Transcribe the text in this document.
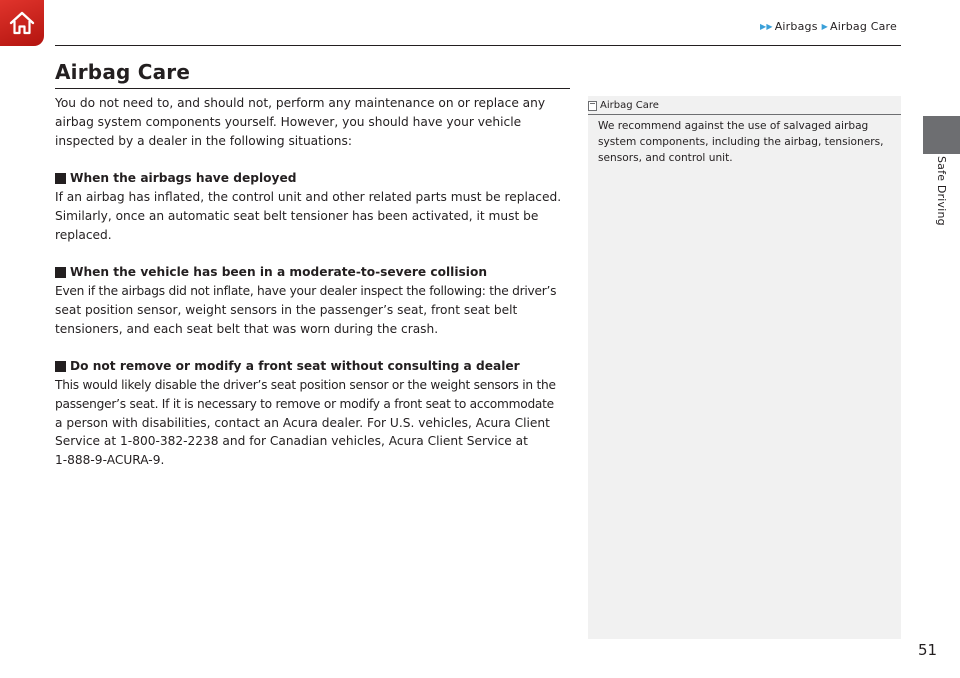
▶▶ Airbags ▶ Airbag Care
Safe Driving
Airbag Care

You do not need to, and should not, perform any maintenance on or replace any

airbag system components yourself. However, you should have your vehicle

inspected by a dealer in the following situations:

When the airbags have deployed

If an airbag has inflated, the control unit and other related parts must be replaced.

Similarly, once an automatic seat belt tensioner has been activated, it must be

replaced.

When the vehicle has been in a moderate-to-severe collision

Even if the airbags did not inflate, have your dealer inspect the following: the driver’s

seat position sensor, weight sensors in the passenger’s seat, front seat belt

tensioners, and each seat belt that was worn during the crash.

Do not remove or modify a front seat without consulting a dealer

This would likely disable the driver’s seat position sensor or the weight sensors in the

passenger’s seat. If it is necessary to remove or modify a front seat to accommodate

a person with disabilities, contact an Acura dealer. For U.S. vehicles, Acura Client

Service at 1-800-382-2238 and for Canadian vehicles, Acura Client Service at

1-888-9-ACURA-9.

Airbag Care

We recommend against the use of salvaged airbag
system components, including the airbag, tensioners,
sensors, and control unit.

51
